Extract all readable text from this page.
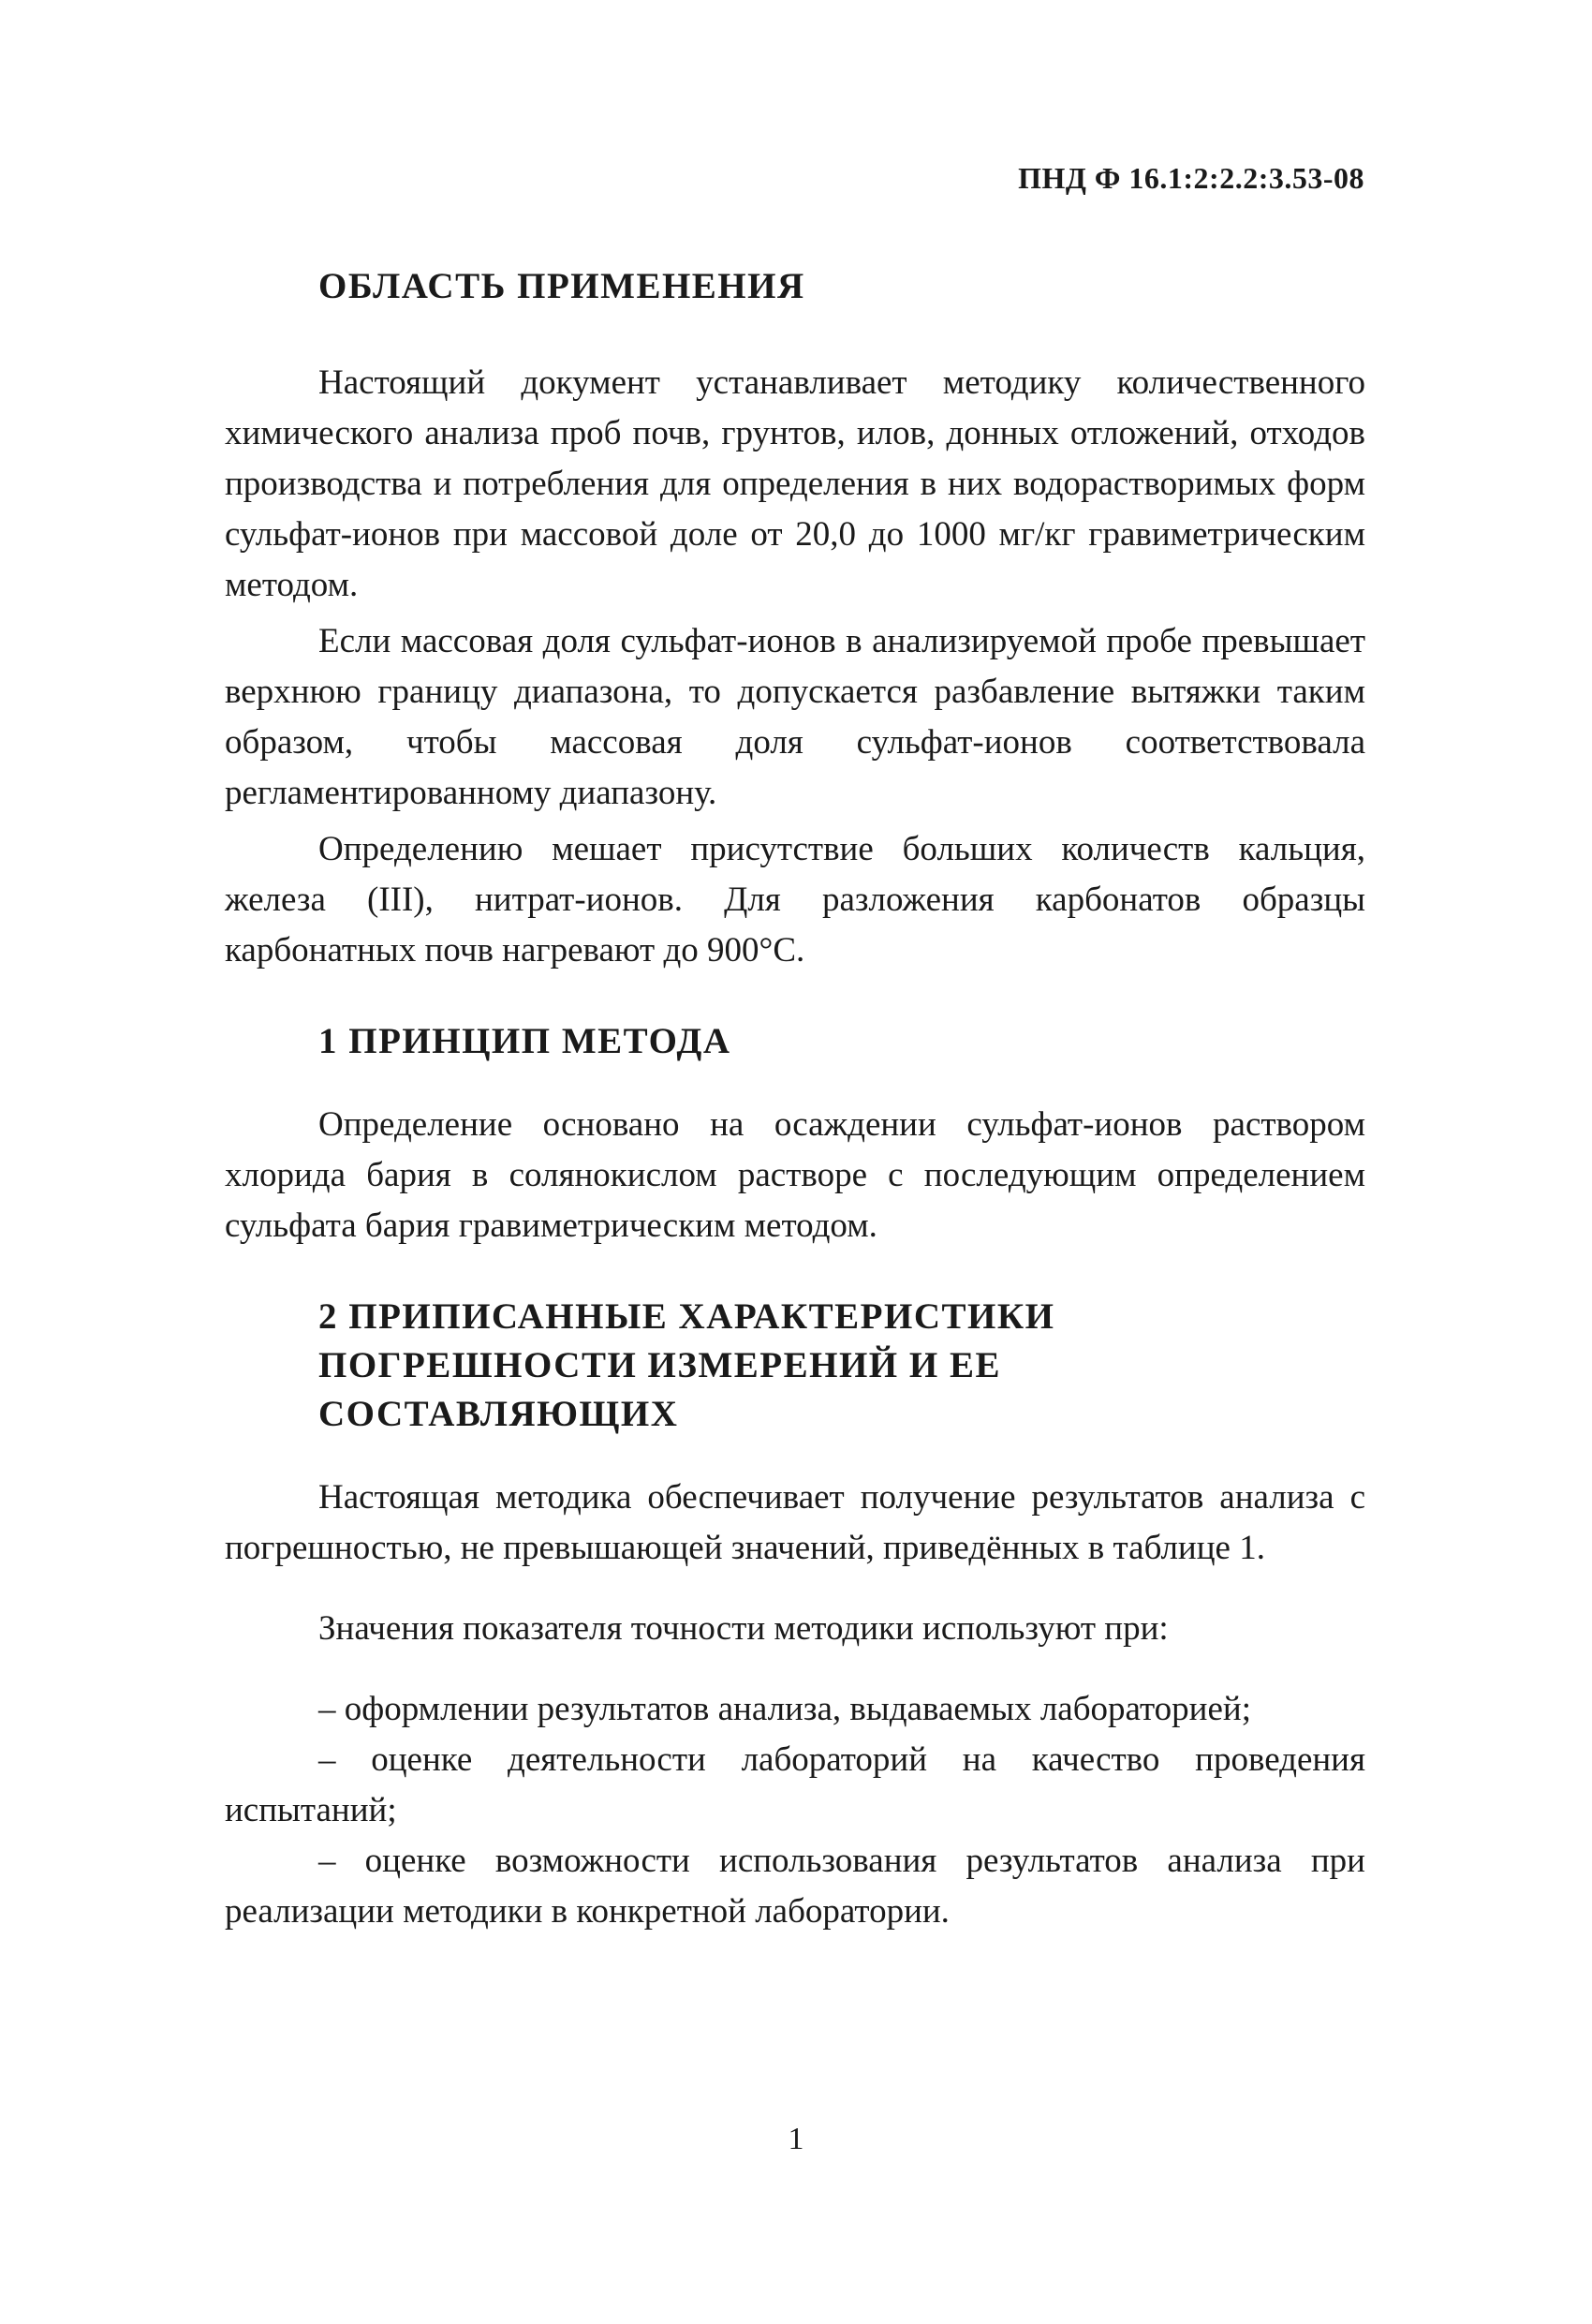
ПНД Ф 16.1:2:2.2:3.53-08
ОБЛАСТЬ ПРИМЕНЕНИЯ

Настоящий документ устанавливает методику количественного химического анализа проб почв, грунтов, илов, донных отложений, отходов производства и потребления для определения в них водорастворимых форм сульфат-ионов при массовой доле от 20,0 до 1000 мг/кг гравиметрическим методом.

Если массовая доля сульфат-ионов в анализируемой пробе превышает верхнюю границу диапазона, то допускается разбавление вытяжки таким образом, чтобы массовая доля сульфат-ионов соответствовала регламентированному диапазону.

Определению мешает присутствие больших количеств кальция, железа (III), нитрат-ионов. Для разложения карбонатов образцы карбонатных почв нагревают до 900°С.

1 ПРИНЦИП МЕТОДА

Определение основано на осаждении сульфат-ионов раствором хлорида бария в солянокислом растворе с последующим определением сульфата бария гравиметрическим методом.

2 ПРИПИСАННЫЕ ХАРАКТЕРИСТИКИ ПОГРЕШНОСТИ ИЗМЕРЕНИЙ И ЕЕ СОСТАВЛЯЮЩИХ

Настоящая методика обеспечивает получение результатов анализа с погрешностью, не превышающей значений, приведённых в таблице 1.

Значения показателя точности методики используют при:

– оформлении результатов анализа, выдаваемых лабораторией;

– оценке деятельности лабораторий на качество проведения испытаний;

– оценке возможности использования результатов анализа при реализации методики в конкретной лаборатории.

1
